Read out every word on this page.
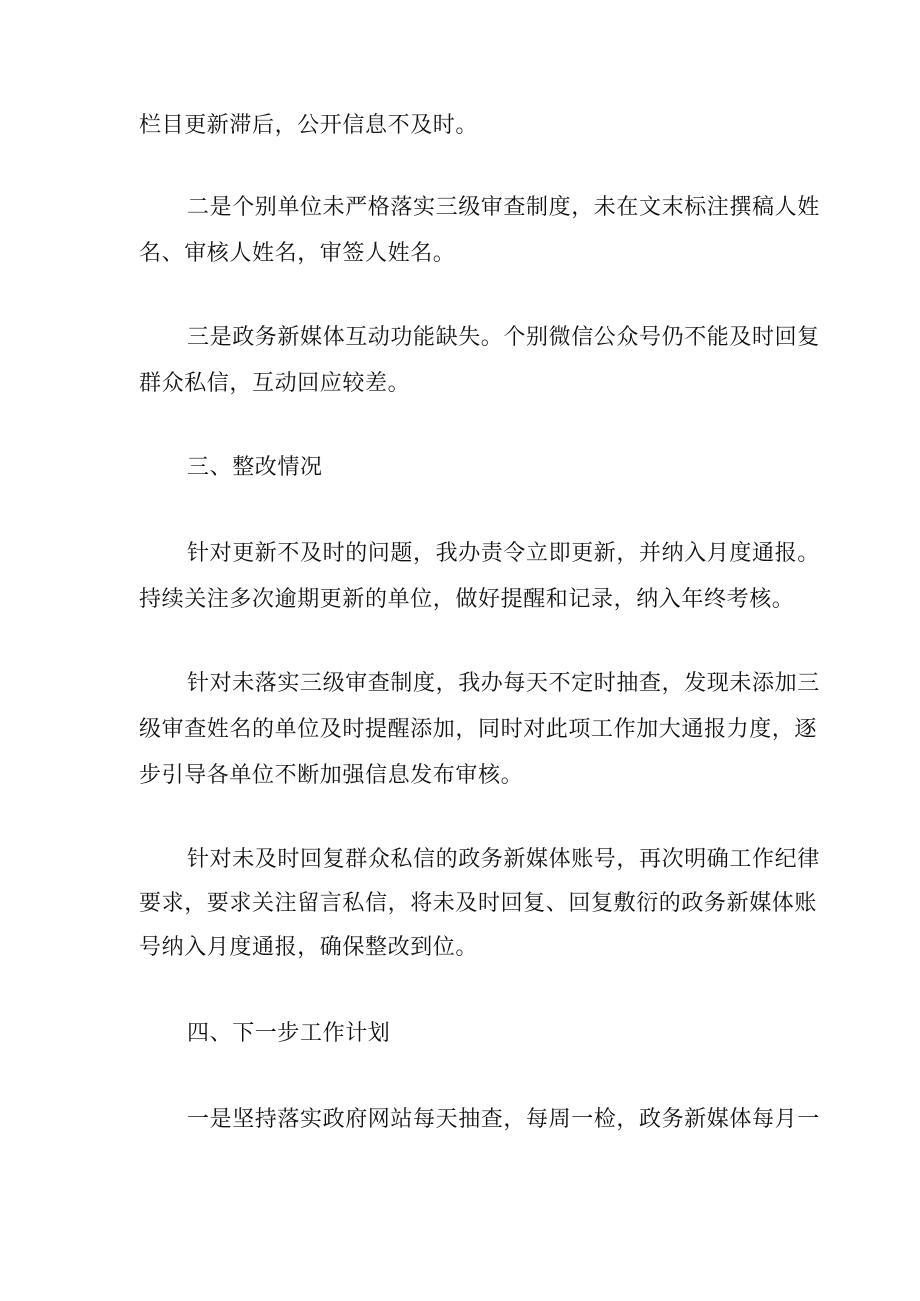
栏目更新滞后，公开信息不及时。
二是个别单位未严格落实三级审查制度，未在文末标注撰稿人姓
名、审核人姓名，审签人姓名。
三是政务新媒体互动功能缺失。个别微信公众号仍不能及时回复
群众私信，互动回应较差。
三、整改情况
针对更新不及时的问题，我办责令立即更新，并纳入月度通报。
持续关注多次逾期更新的单位，做好提醒和记录，纳入年终考核。
针对未落实三级审查制度，我办每天不定时抽查，发现未添加三
级审查姓名的单位及时提醒添加，同时对此项工作加大通报力度，逐
步引导各单位不断加强信息发布审核。
针对未及时回复群众私信的政务新媒体账号，再次明确工作纪律
要求，要求关注留言私信，将未及时回复、回复敷衍的政务新媒体账
号纳入月度通报，确保整改到位。
四、下一步工作计划
一是坚持落实政府网站每天抽查，每周一检，政务新媒体每月一
